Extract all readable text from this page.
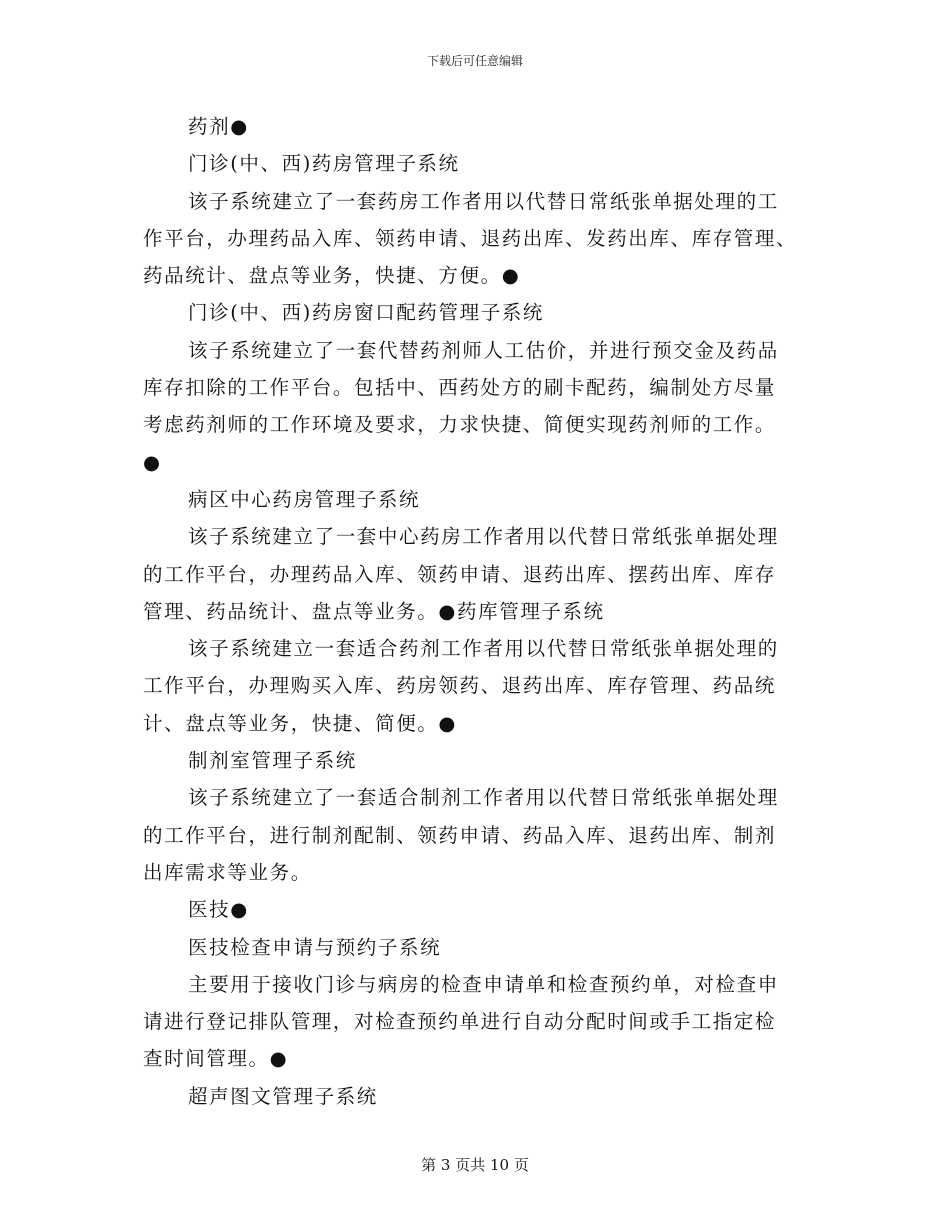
下载后可任意编辑
药剂●
门诊(中、西)药房管理子系统
该子系统建立了一套药房工作者用以代替日常纸张单据处理的工
作平台，办理药品入库、领药申请、退药出库、发药出库、库存管理、
药品统计、盘点等业务，快捷、方便。●
门诊(中、西)药房窗口配药管理子系统
该子系统建立了一套代替药剂师人工估价，并进行预交金及药品
库存扣除的工作平台。包括中、西药处方的刷卡配药，编制处方尽量
考虑药剂师的工作环境及要求，力求快捷、简便实现药剂师的工作。
●
病区中心药房管理子系统
该子系统建立了一套中心药房工作者用以代替日常纸张单据处理
的工作平台，办理药品入库、领药申请、退药出库、摆药出库、库存
管理、药品统计、盘点等业务。●药库管理子系统
该子系统建立一套适合药剂工作者用以代替日常纸张单据处理的
工作平台，办理购买入库、药房领药、退药出库、库存管理、药品统
计、盘点等业务，快捷、简便。●
制剂室管理子系统
该子系统建立了一套适合制剂工作者用以代替日常纸张单据处理
的工作平台，进行制剂配制、领药申请、药品入库、退药出库、制剂
出库需求等业务。
医技●
医技检查申请与预约子系统
主要用于接收门诊与病房的检查申请单和检查预约单，对检查申
请进行登记排队管理，对检查预约单进行自动分配时间或手工指定检
查时间管理。●
超声图文管理子系统
第 3 页共 10 页
